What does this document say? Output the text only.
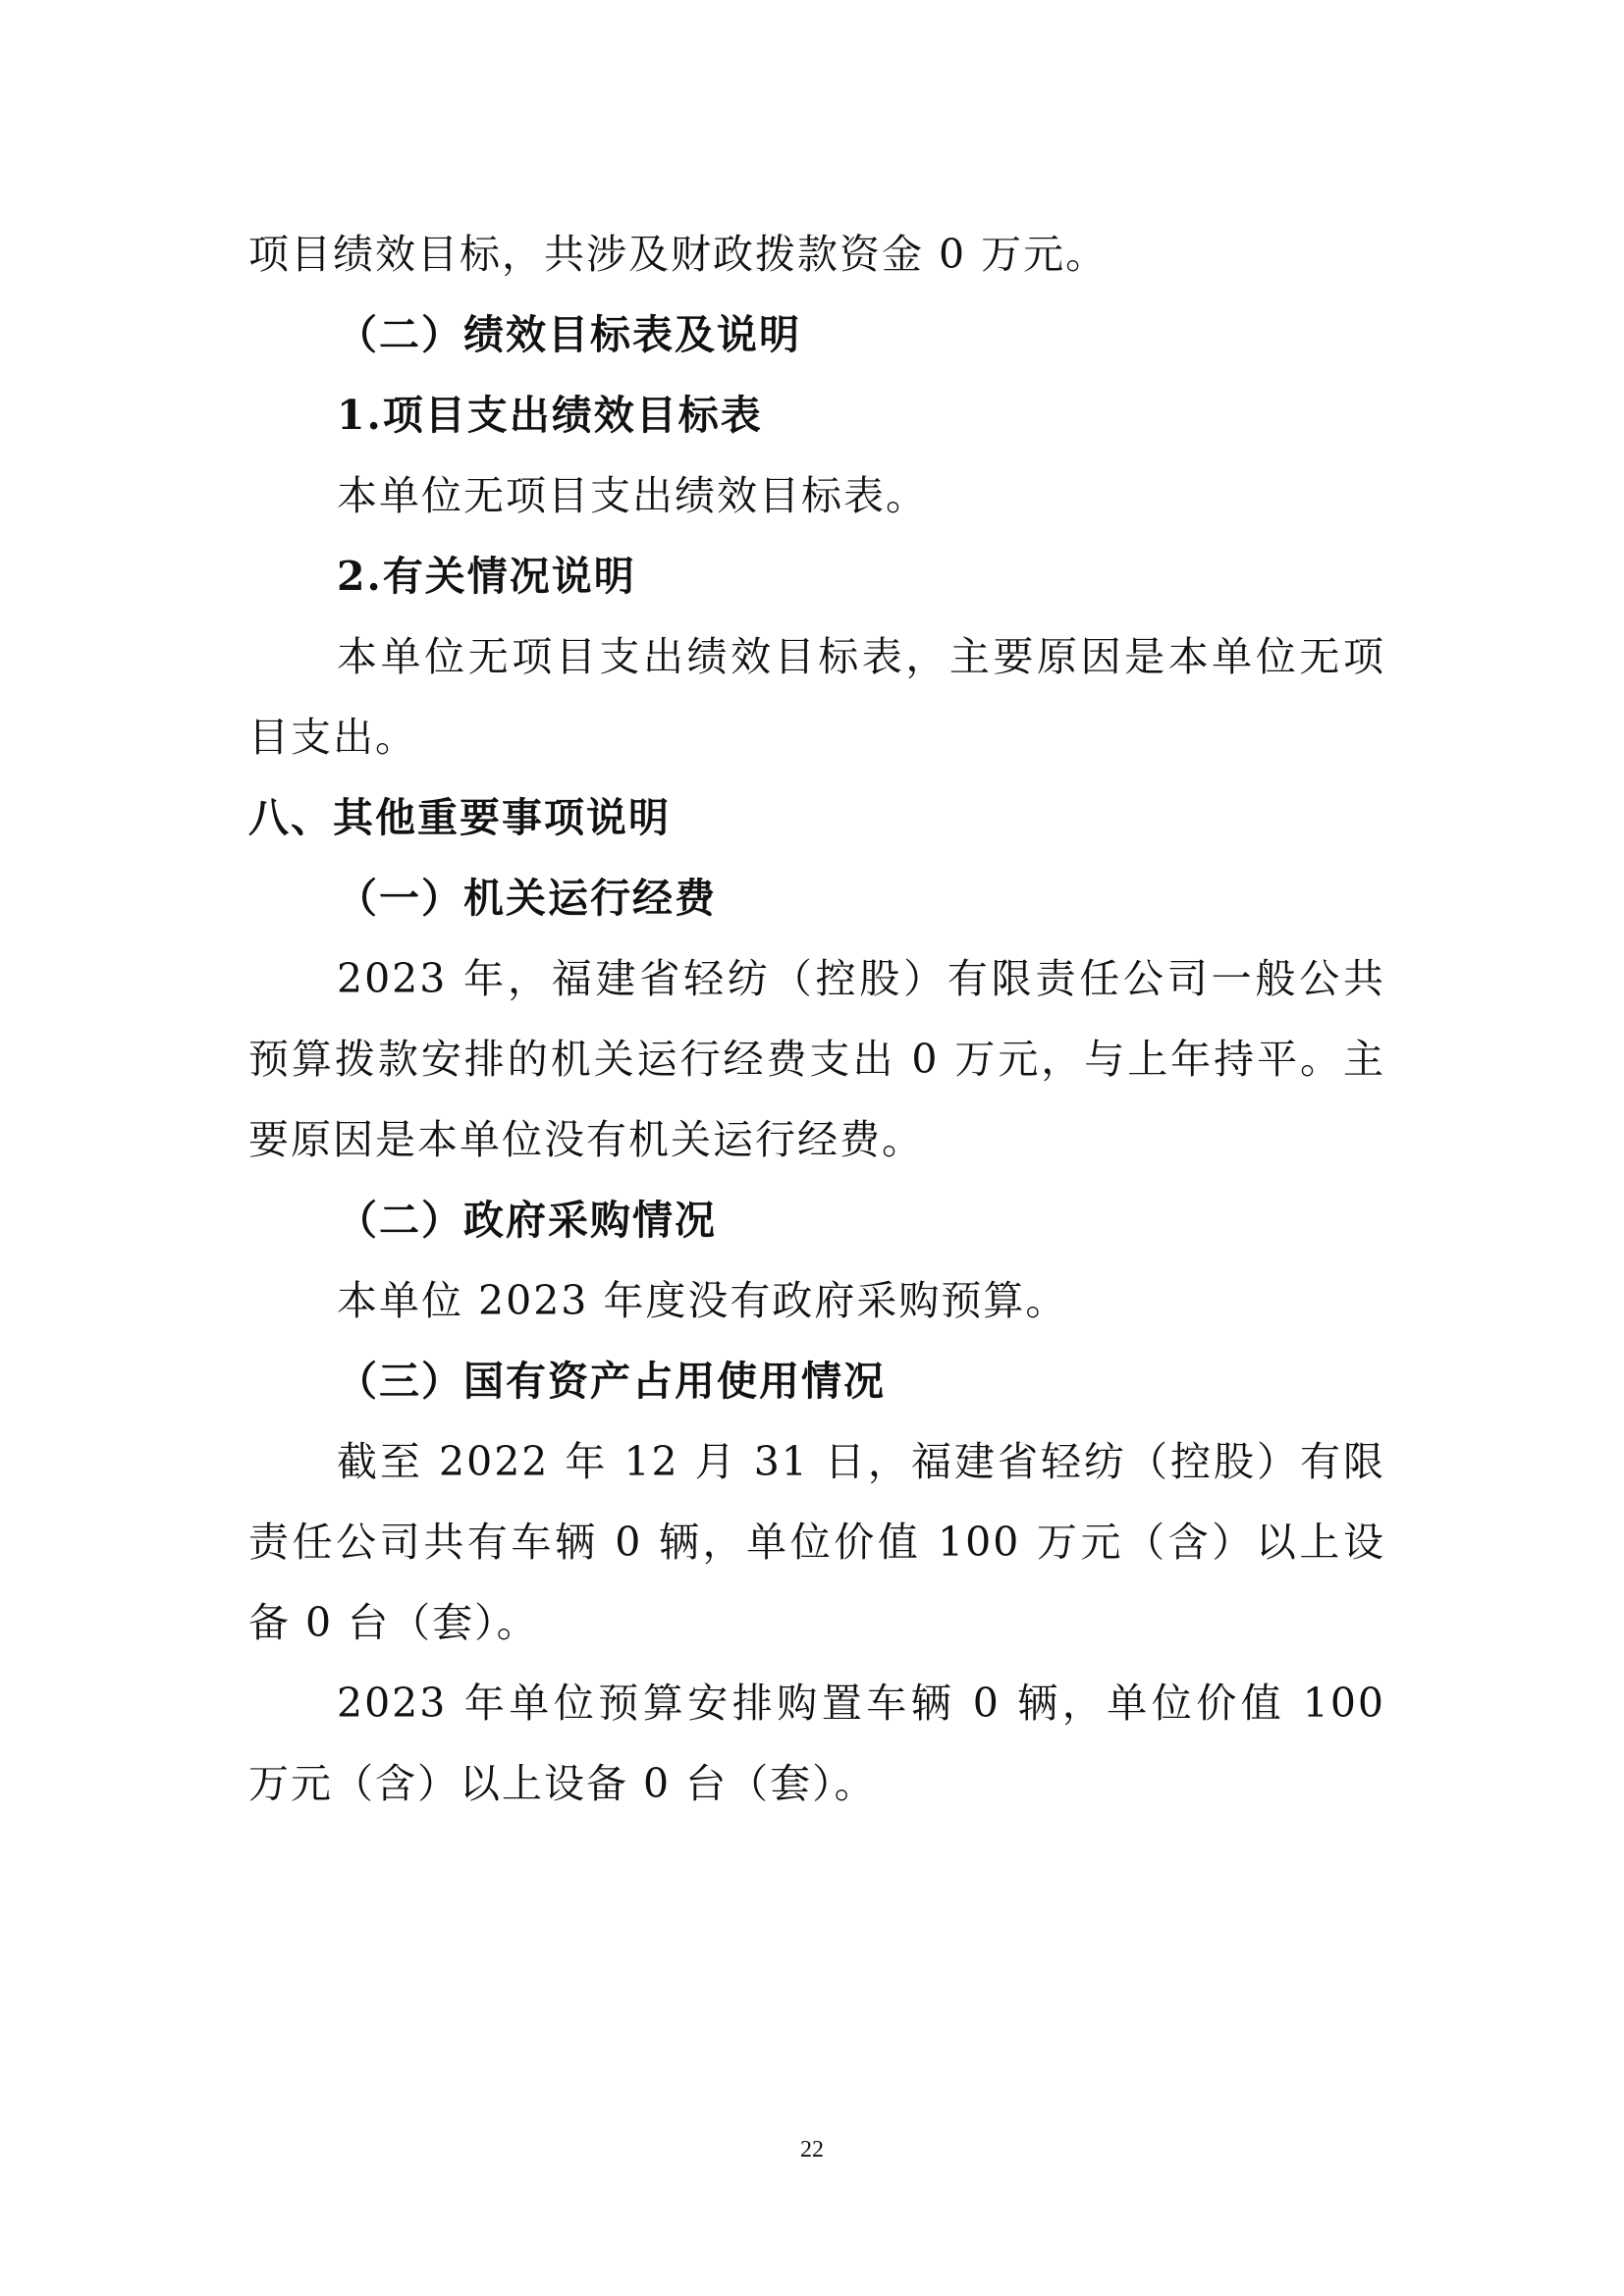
项目绩效目标，共涉及财政拨款资金 0 万元。

（二）绩效目标表及说明

1.项目支出绩效目标表

本单位无项目支出绩效目标表。

2.有关情况说明

本单位无项目支出绩效目标表，主要原因是本单位无项目支出。

八、其他重要事项说明

（一）机关运行经费

2023 年，福建省轻纺（控股）有限责任公司一般公共预算拨款安排的机关运行经费支出 0 万元，与上年持平。主要原因是本单位没有机关运行经费。

（二）政府采购情况

本单位 2023 年度没有政府采购预算。

（三）国有资产占用使用情况

截至 2022 年 12 月 31 日，福建省轻纺（控股）有限责任公司共有车辆 0 辆，单位价值 100 万元（含）以上设备 0 台（套）。

2023 年单位预算安排购置车辆 0 辆，单位价值 100 万元（含）以上设备 0 台（套）。

22
